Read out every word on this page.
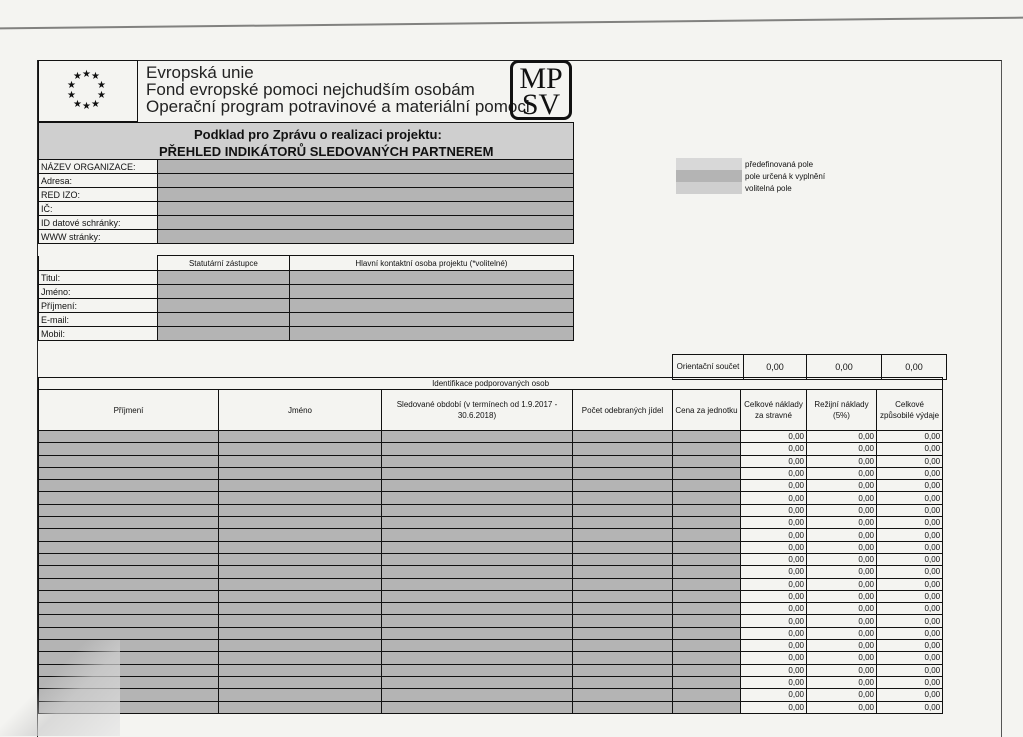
★ ★
★
★ ★
★ ★
★ ★
★
Evropská unie
Fond evropské pomoci nejchudším osobám
Operační program potravinové a materiální pomoci
MP
SV
Podklad pro Zprávu o realizaci projektu:
PŘEHLED INDIKÁTORŮ SLEDOVANÝCH PARTNEREM
NÁZEV ORGANIZACE:	
Adresa:	
RED IZO:	
IČ:	
ID datové schránky:	
WWW stránky:	
předefinovaná pole
pole určená k vyplnění
volitelná pole
	Statutární zástupce	Hlavní kontaktní osoba projektu (*volitelné)
Titul:		
Jméno:		
Příjmení:		
E-mail:		
Mobil:		
Orientační součet	0,00	0,00	0,00
Identifikace podporovaných osob							
Příjmení	Jméno	Sledované období (v termínech od 1.9.2017 - 30.6.2018)	Počet odebraných jídel	Cena za jednotku	Celkové náklady za stravné	Režijní náklady (5%)	Celkové způsobilé výdaje
					0,00	0,00	0,00
					0,00	0,00	0,00
					0,00	0,00	0,00
					0,00	0,00	0,00
					0,00	0,00	0,00
					0,00	0,00	0,00
					0,00	0,00	0,00
					0,00	0,00	0,00
					0,00	0,00	0,00
					0,00	0,00	0,00
					0,00	0,00	0,00
					0,00	0,00	0,00
					0,00	0,00	0,00
					0,00	0,00	0,00
					0,00	0,00	0,00
					0,00	0,00	0,00
					0,00	0,00	0,00
					0,00	0,00	0,00
					0,00	0,00	0,00
					0,00	0,00	0,00
					0,00	0,00	0,00
					0,00	0,00	0,00
					0,00	0,00	0,00
